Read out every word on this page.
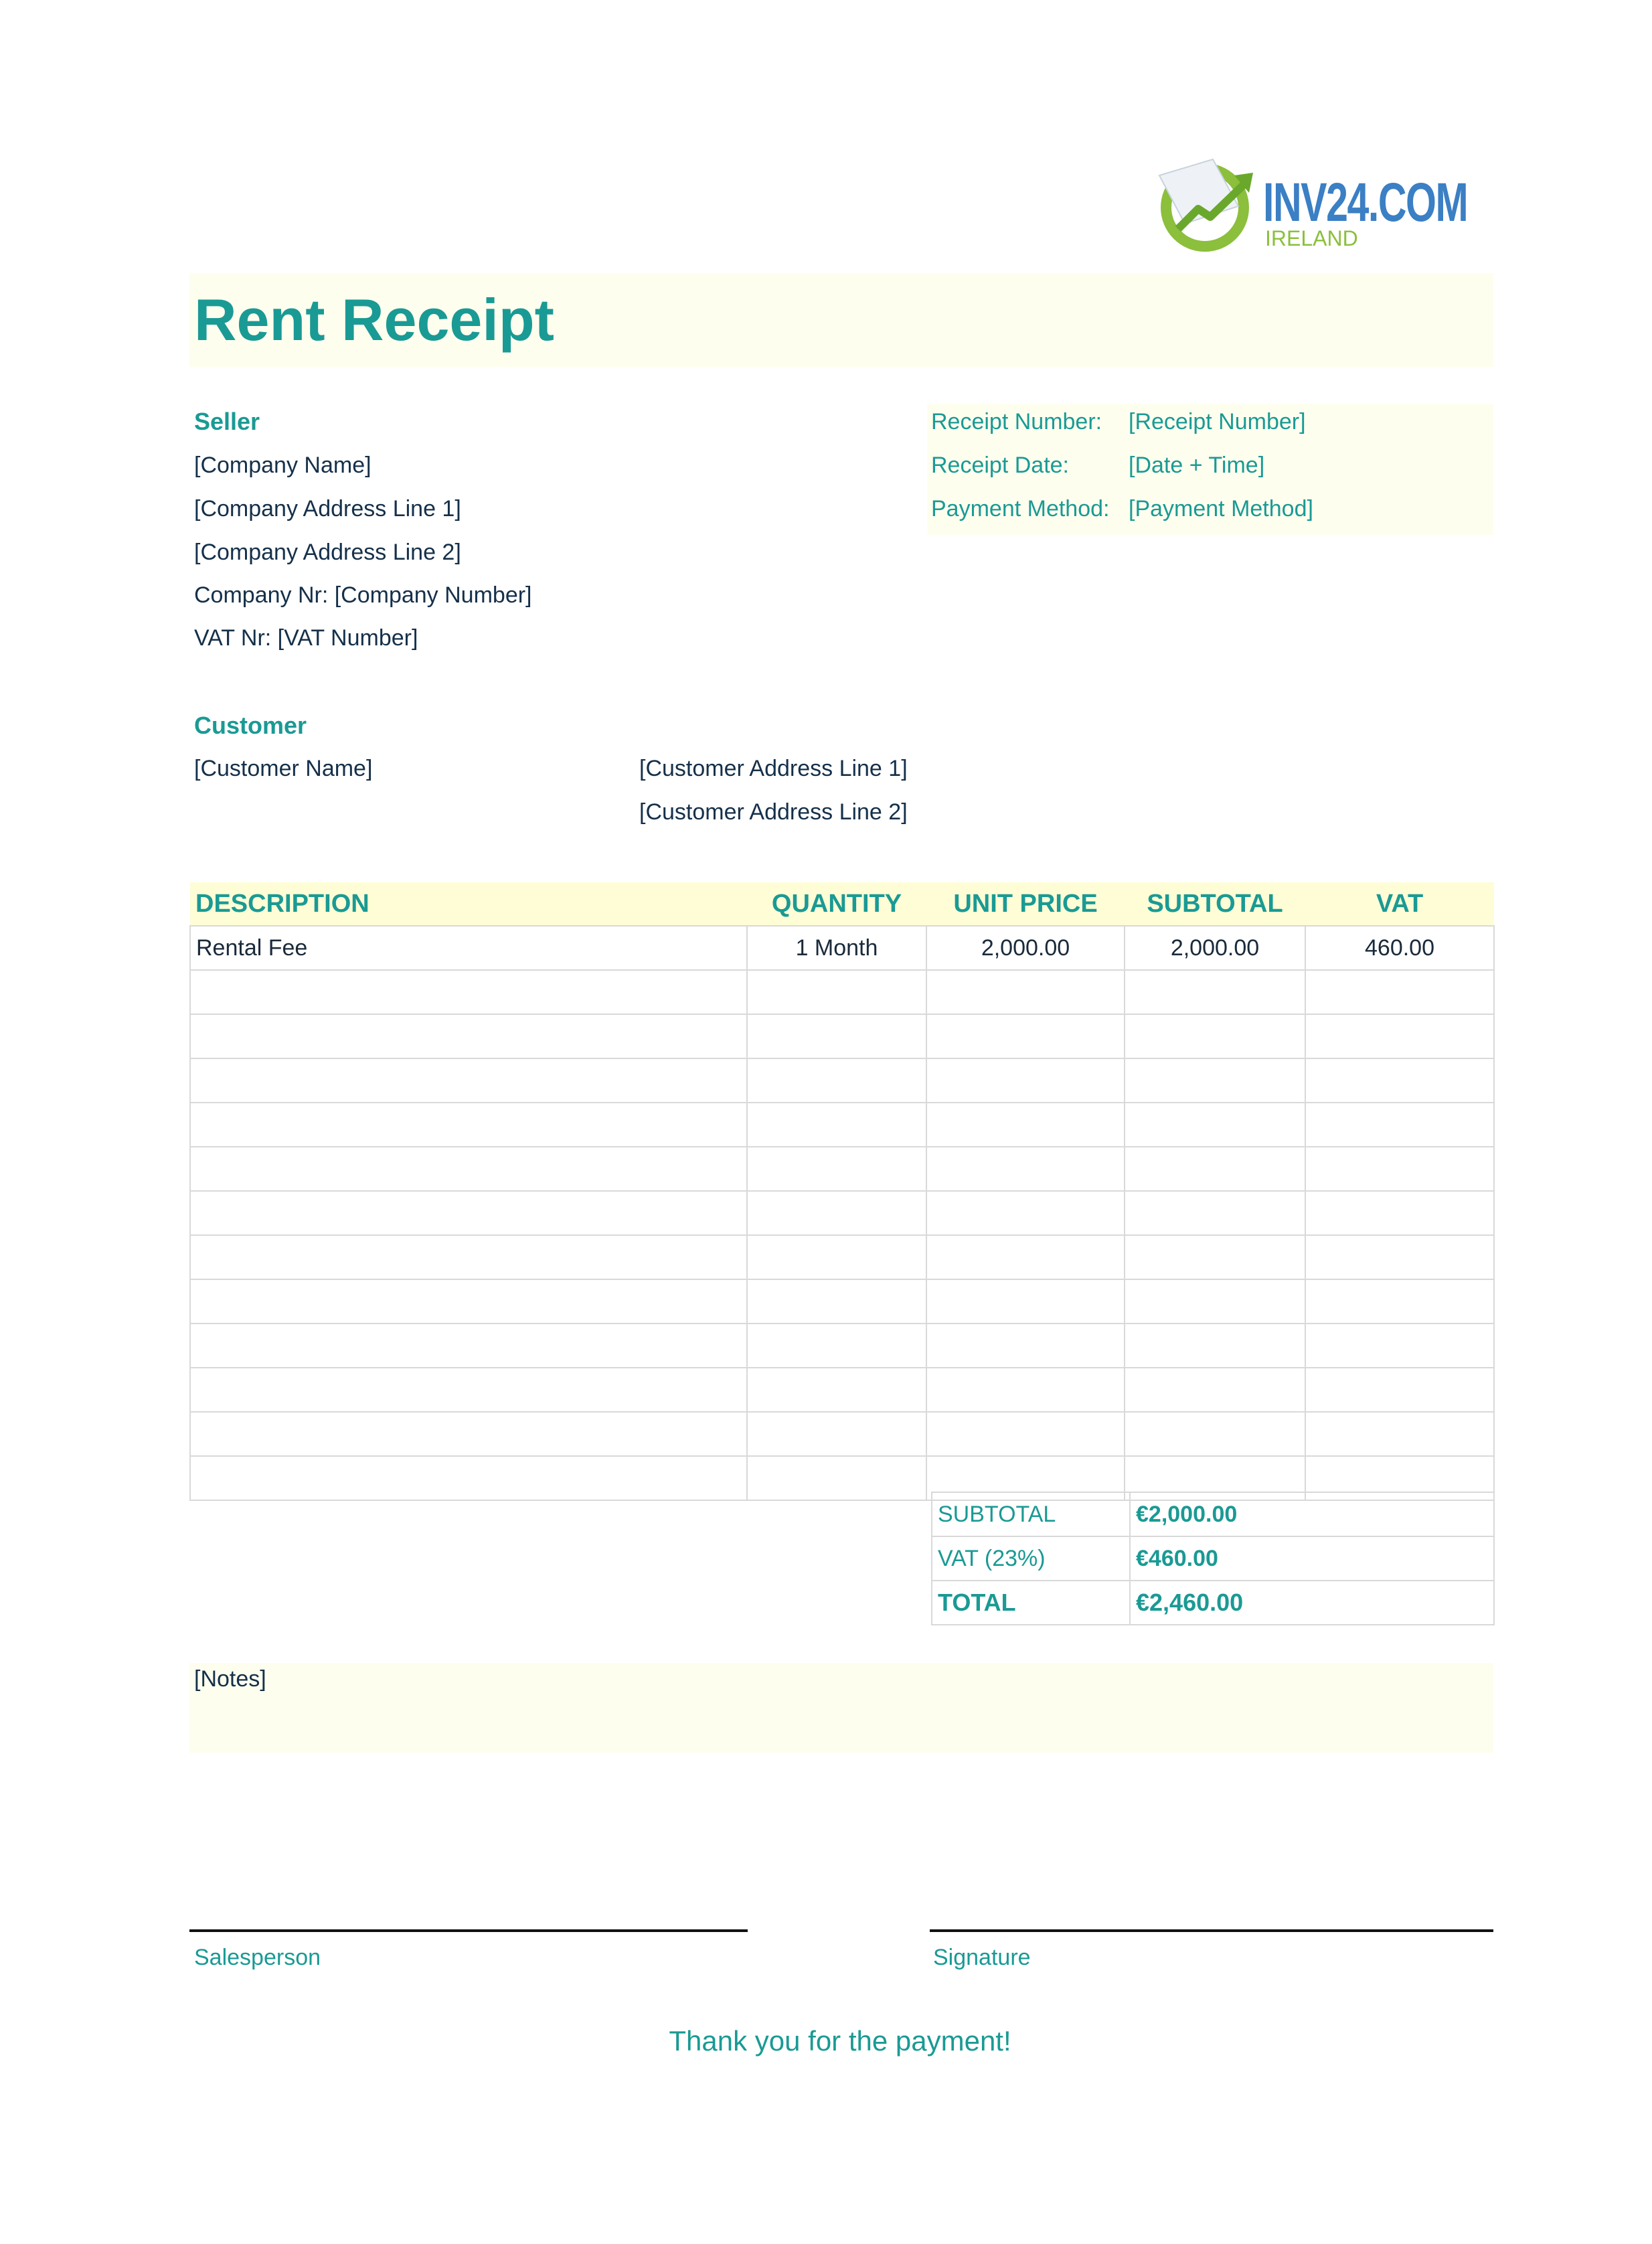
INV24.COM
IRELAND
Rent Receipt
Seller
[Company Name]
[Company Address Line 1]
[Company Address Line 2]
Company Nr: [Company Number]
VAT Nr: [VAT Number]
Receipt Number: [Receipt Number]
Receipt Date:	[Date + Time]
Payment Method: [Payment Method]
Customer
[Customer Name]	[Customer Address Line 1]
[Customer Address Line 2]
DESCRIPTION	QUANTITY	UNIT PRICE	SUBTOTAL	VAT
Rental Fee	1 Month	2,000.00	2,000.00	460.00

SUBTOTAL	€2,000.00
VAT (23%)	€460.00
TOTAL	€2,460.00
[Notes]
Salesperson	Signature
Thank you for the payment!
